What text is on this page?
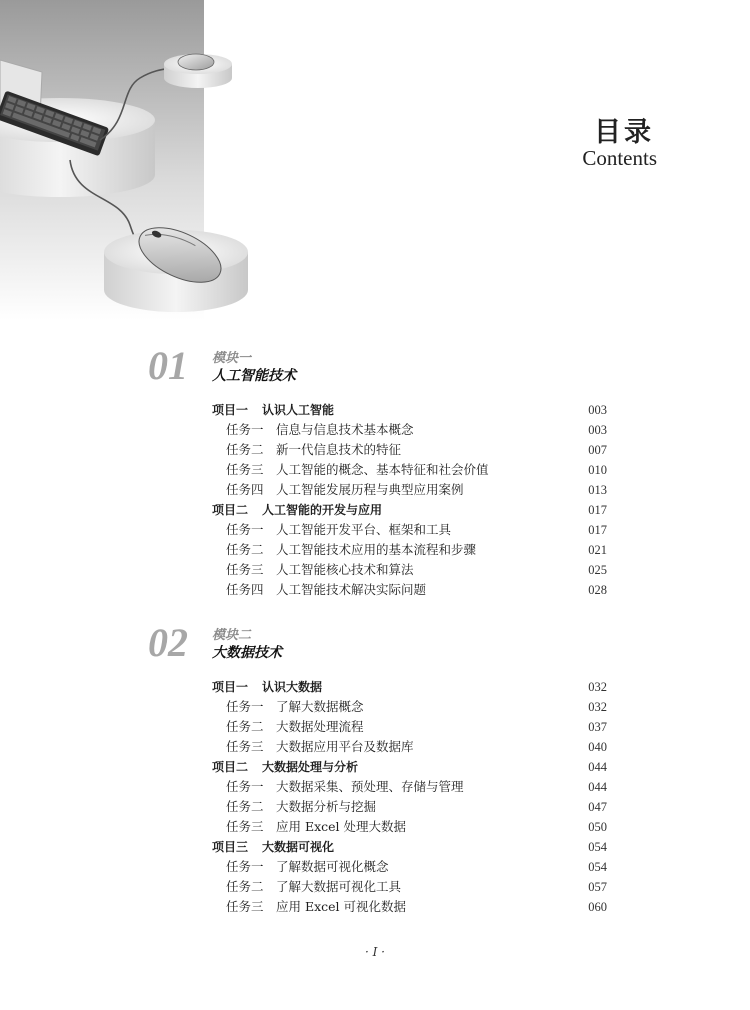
目录
Contents
01 模块一
人工智能技术
项目一 认识人工智能	003
任务一 信息与信息技术基本概念	003
任务二 新一代信息技术的特征	007
任务三 人工智能的概念、基本特征和社会价值	010
任务四 人工智能发展历程与典型应用案例	013
项目二 人工智能的开发与应用	017
任务一 人工智能开发平台、框架和工具	017
任务二 人工智能技术应用的基本流程和步骤	021
任务三 人工智能核心技术和算法	025
任务四 人工智能技术解决实际问题	028
02 模块二
大数据技术
项目一 认识大数据	032
任务一 了解大数据概念	032
任务二 大数据处理流程	037
任务三 大数据应用平台及数据库	040
项目二 大数据处理与分析	044
任务一 大数据采集、预处理、存储与管理	044
任务二 大数据分析与挖掘	047
任务三 应用 Excel 处理大数据	050
项目三 大数据可视化	054
任务一 了解数据可视化概念	054
任务二 了解大数据可视化工具	057
任务三 应用 Excel 可视化数据	060
· I ·
